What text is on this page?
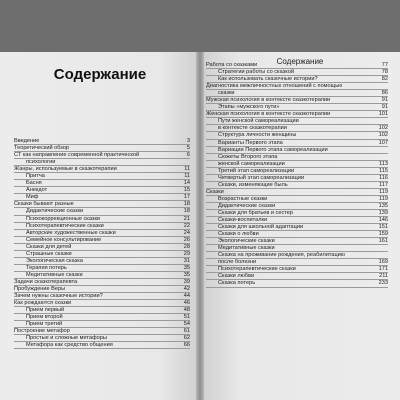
Содержание
Содержание
Введение	3
Теоретический обзор	5
СТ как направление современной практической	6
психологии
Жанры, используемые в сказкотерапии	11
Притча	11
Басня	14
Анекдот	15
Миф	17
Сказки бывают разные	18
Дидактические сказки	18
Психокоррекционные сказки	21
Психотерапевтические сказки	22
Авторские художественные сказки	24
Семейное консультирование	26
Сказки для детей	28
Страшные сказки	29
Экологическая сказка	31
Терапия потерь	35
Медитативные сказки	35
Задачи сказкотерапевта	39
Пробуждение Веры	42
Зачем нужны сказочные истории?	44
Как рождаются сказки	46
Прием первый	48
Прием второй	51
Прием третий	54
Построение метафор	61
Простые и сложные метафоры	62
Метафора как средство общения	66
Работа со сказками	77
Стратегии работы со сказкой	78
Как использовать сказочные истории?	82
Диагностика межличностных отношений с помощью
сказки	86
Мужская психология в контексте сказкотерапии	91
Этапы «мужского пути»	91
Женская психология в контексте сказкотерапии	101
Пути женской самореализации
в контексте сказкотерапии	102
Структура личности женщины	102
Варианты Первого этапа	107
Вариации Первого этапа самореализации
Сюжеты Второго этапа
женской самореализации	113
Третий этап самореализации	115
Четвертый этап самореализации	116
Сказки, изменяющие быль	117
Сказки	119
Возрастные сказки	119
Дидактические сказки	135
Сказки для братьев и сестер	139
Сказки-воспиталки	146
Сказки для школьной адаптации	151
Сказки о любви	159
Экологические сказки	161
Медитативные сказки
Сказка на проживание рождения, реабилитацию
после болезни	169
Психотерапевтические сказки	171
Сказки любви	211
Сказка потерь	233
